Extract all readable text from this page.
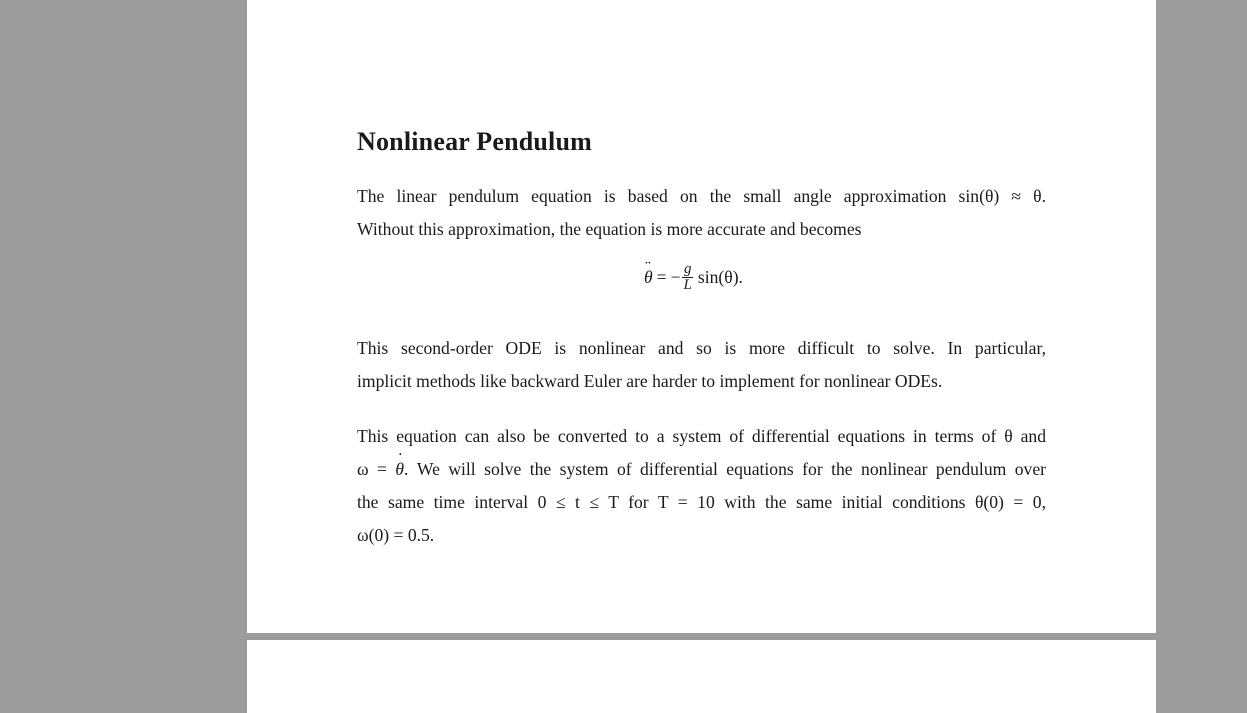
Nonlinear Pendulum

The linear pendulum equation is based on the small angle approximation sin(θ) ≈ θ.
Without this approximation, the equation is more accurate and becomes

¨ θ = − $\frac{g}{L} \sin(\theta)$.

This second-order ODE is nonlinear and so is more difficult to solve. In particular,
implicit methods like backward Euler are harder to implement for nonlinear ODEs.

This equation can also be converted to a system of differential equations in terms of θ and
ω = ˙ θ. We will solve the system of differential equations for the nonlinear pendulum over
the same time interval 0 ≤ t ≤ T for T = 10 with the same initial conditions θ(0) = 0,
ω(0) = 0.5.
